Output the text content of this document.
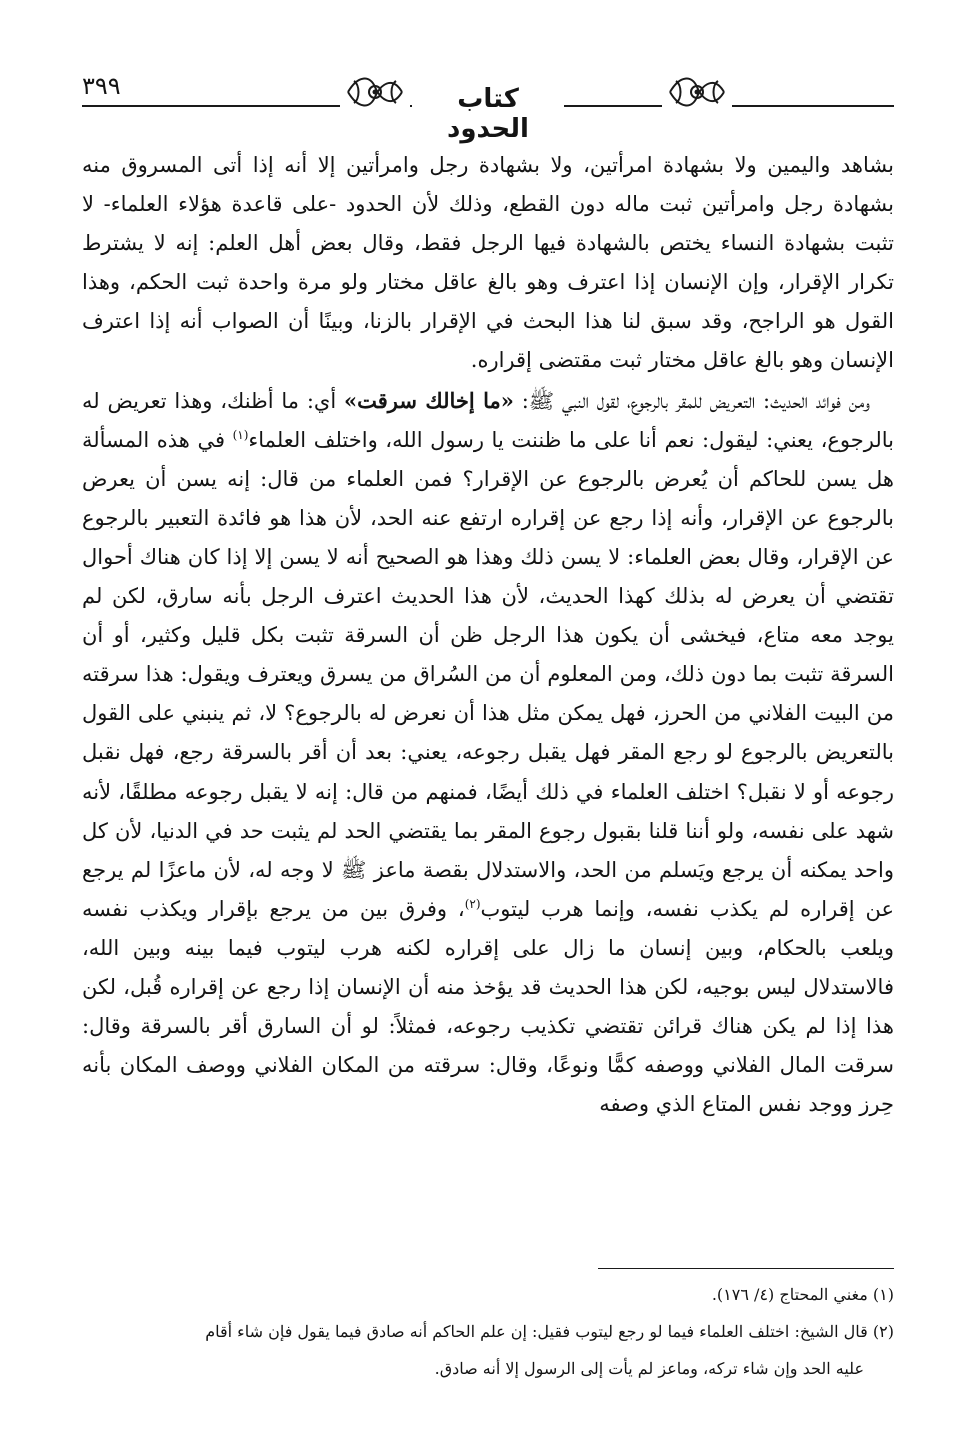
٣٩٩	كتاب الحدود

بشاهد واليمين ولا بشهادة امرأتين، ولا بشهادة رجل وامرأتين إلا أنه إذا أتى المسروق منه بشهادة رجل وامرأتين ثبت ماله دون القطع، وذلك لأن الحدود -على قاعدة هؤلاء العلماء- لا تثبت بشهادة النساء يختص بالشهادة فيها الرجل فقط، وقال بعض أهل العلم: إنه لا يشترط تكرار الإقرار، وإن الإنسان إذا اعترف وهو بالغ عاقل مختار ولو مرة واحدة ثبت الحكم، وهذا القول هو الراجح، وقد سبق لنا هذا البحث في الإقرار بالزنا، وبينًا أن الصواب أنه إذا اعترف الإنسان وهو بالغ عاقل مختار ثبت مقتضى إقراره.

ومن فوائد الحديث: التعريض للمقر بالرجوع، لقول النبي ﷺ: «ما إخالك سرقت» أي: ما أظنك، وهذا تعريض له بالرجوع، يعني: ليقول: نعم أنا على ما ظننت يا رسول الله، واختلف العلماء$^{(١)}$ في هذه المسألة هل يسن للحاكم أن يُعرض بالرجوع عن الإقرار؟ فمن العلماء من قال: إنه يسن أن يعرض بالرجوع عن الإقرار، وأنه إذا رجع عن إقراره ارتفع عنه الحد، لأن هذا هو فائدة التعبير بالرجوع عن الإقرار، وقال بعض العلماء: لا يسن ذلك وهذا هو الصحيح أنه لا يسن إلا إذا كان هناك أحوال تقتضي أن يعرض له بذلك كهذا الحديث، لأن هذا الحديث اعترف الرجل بأنه سارق، لكن لم يوجد معه متاع، فيخشى أن يكون هذا الرجل ظن أن السرقة تثبت بكل قليل وكثير، أو أن السرقة تثبت بما دون ذلك، ومن المعلوم أن من السُراق من يسرق ويعترف ويقول: هذا سرقته من البيت الفلاني من الحرز، فهل يمكن مثل هذا أن نعرض له بالرجوع؟ لا، ثم ينبني على القول بالتعريض بالرجوع لو رجع المقر فهل يقبل رجوعه، يعني: بعد أن أقر بالسرقة رجع، فهل نقبل رجوعه أو لا نقبل؟ اختلف العلماء في ذلك أيضًا، فمنهم من قال: إنه لا يقبل رجوعه مطلقًا، لأنه شهد على نفسه، ولو أننا قلنا بقبول رجوع المقر بما يقتضي الحد لم يثبت حد في الدنيا، لأن كل واحد يمكنه أن يرجع ويَسلم من الحد، والاستدلال بقصة ماعز ﷺ لا وجه له، لأن ماعزًا لم يرجع عن إقراره لم يكذب نفسه، وإنما هرب ليتوب$^{(٢)}$، وفرق بين من يرجع بإقرار ويكذب نفسه ويلعب بالحكام، وبين إنسان ما زال على إقراره لكنه هرب ليتوب فيما بينه وبين الله، فالاستدلال ليس بوجيه، لكن هذا الحديث قد يؤخذ منه أن الإنسان إذا رجع عن إقراره قُبل، لكن هذا إذا لم يكن هناك قرائن تقتضي تكذيب رجوعه، فمثلاً: لو أن السارق أقر بالسرقة وقال: سرقت المال الفلاني ووصفه كمًّا ونوعًا، وقال: سرقته من المكان الفلاني ووصف المكان بأنه حِرز ووجد نفس المتاع الذي وصفه

(١) مغني المحتاج (٤/ ١٧٦).

(٢) قال الشيخ: اختلف العلماء فيما لو رجع ليتوب فقيل: إن علم الحاكم أنه صادق فيما يقول فإن شاء أقام

عليه الحد وإن شاء تركه، وماعز لم يأت إلى الرسول إلا أنه صادق.
